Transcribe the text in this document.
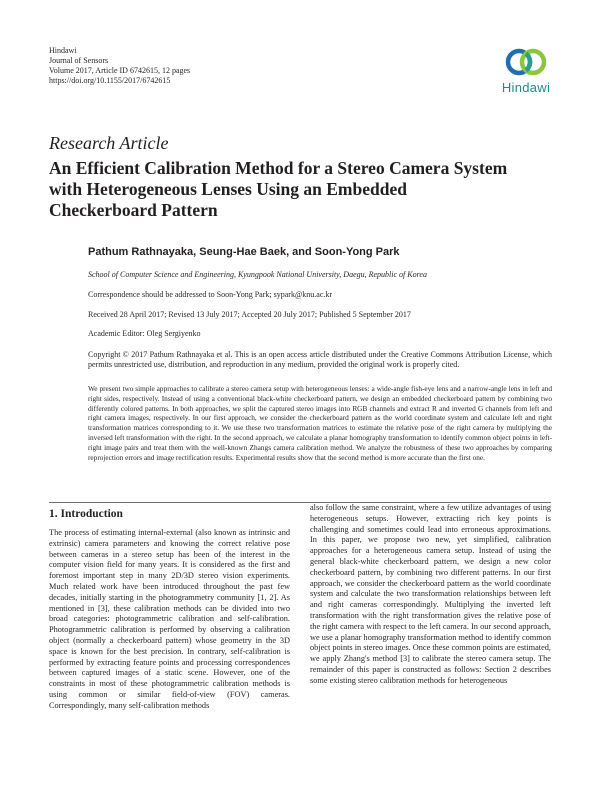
Hindawi
Journal of Sensors
Volume 2017, Article ID 6742615, 12 pages
https://doi.org/10.1155/2017/6742615	Hindawi
Research Article
An Efficient Calibration Method for a Stereo Camera System with Heterogeneous Lenses Using an Embedded Checkerboard Pattern
Pathum Rathnayaka, Seung-Hae Baek, and Soon-Yong Park
School of Computer Science and Engineering, Kyungpook National University, Daegu, Republic of Korea
Correspondence should be addressed to Soon-Yong Park; sypark@knu.ac.kr
Received 28 April 2017; Revised 13 July 2017; Accepted 20 July 2017; Published 5 September 2017
Academic Editor: Oleg Sergiyenko
Copyright © 2017 Pathum Rathnayaka et al. This is an open access article distributed under the Creative Commons Attribution License, which permits unrestricted use, distribution, and reproduction in any medium, provided the original work is properly cited.
We present two simple approaches to calibrate a stereo camera setup with heterogeneous lenses: a wide-angle fish-eye lens and a narrow-angle lens in left and right sides, respectively. Instead of using a conventional black-white checkerboard pattern, we design an embedded checkerboard pattern by combining two differently colored patterns. In both approaches, we split the captured stereo images into RGB channels and extract R and inverted G channels from left and right camera images, respectively. In our first approach, we consider the checkerboard pattern as the world coordinate system and calculate left and right transformation matrices corresponding to it. We use these two transformation matrices to estimate the relative pose of the right camera by multiplying the inversed left transformation with the right. In the second approach, we calculate a planar homography transformation to identify common object points in left-right image pairs and treat them with the well-known Zhangs camera calibration method. We analyze the robustness of these two approaches by comparing reprojection errors and image rectification results. Experimental results show that the second method is more accurate than the first one.
1. Introduction

The process of estimating internal-external (also known as intrinsic and extrinsic) camera parameters and knowing the correct relative pose between cameras in a stereo setup has been of the interest in the computer vision field for many years. It is considered as the first and foremost important step in many 2D/3D stereo vision experiments. Much related work have been introduced throughout the past few decades, initially starting in the photogrammetry community [1, 2]. As mentioned in [3], these calibration methods can be divided into two broad categories: photogrammetric calibration and self-calibration. Photogrammetric calibration is performed by observing a calibration object (normally a checkerboard pattern) whose geometry in the 3D space is known for the best precision. In contrary, self-calibration is performed by extracting feature points and processing correspondences between captured images of a static scene. However, one of the constraints in most of these photogrammetric calibration methods is using common or similar field-of-view (FOV) cameras. Correspondingly, many self-calibration methods

also follow the same constraint, where a few utilize advantages of using heterogeneous setups. However, extracting rich key points is challenging and sometimes could lead into erroneous approximations. In this paper, we propose two new, yet simplified, calibration approaches for a heterogeneous camera setup. Instead of using the general black-white checkerboard pattern, we design a new color checkerboard pattern, by combining two different patterns. In our first approach, we consider the checkerboard pattern as the world coordinate system and calculate the two transformation relationships between left and right cameras correspondingly. Multiplying the inverted left transformation with the right transformation gives the relative pose of the right camera with respect to the left camera. In our second approach, we use a planar homography transformation method to identify common object points in stereo images. Once these common points are estimated, we apply Zhang's method [3] to calibrate the stereo camera setup. The remainder of this paper is constructed as follows: Section 2 describes some existing stereo calibration methods for heterogeneous
